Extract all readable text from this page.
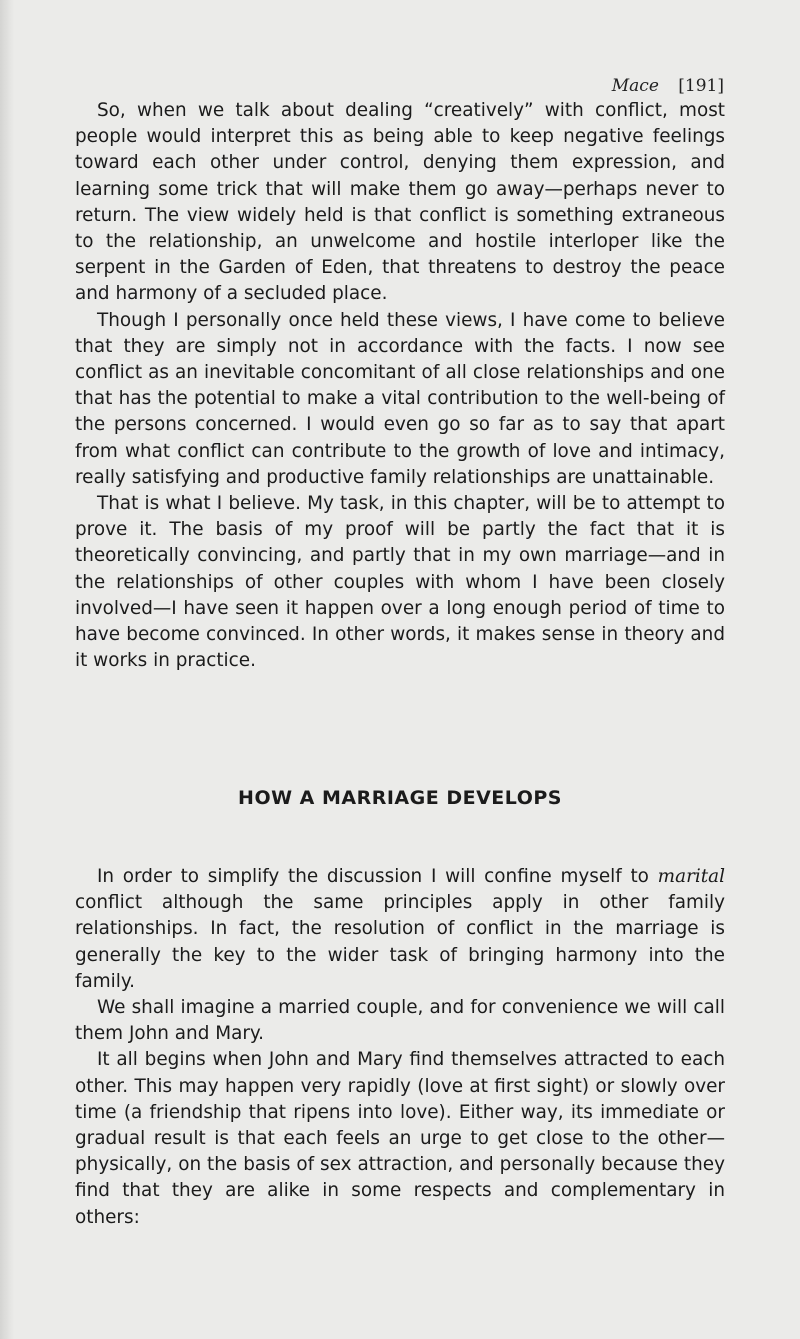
Mace [191]

So, when we talk about dealing “creatively” with conflict, most people would interpret this as being able to keep negative feelings toward each other under control, denying them expression, and learning some trick that will make them go away—perhaps never to return. The view widely held is that conflict is something extraneous to the relationship, an unwelcome and hostile interloper like the serpent in the Garden of Eden, that threatens to destroy the peace and harmony of a secluded place.

Though I personally once held these views, I have come to believe that they are simply not in accordance with the facts. I now see conflict as an inevitable concomitant of all close relationships and one that has the potential to make a vital contribution to the well-being of the persons concerned. I would even go so far as to say that apart from what conflict can contribute to the growth of love and intimacy, really satisfying and productive family relationships are unattainable.

That is what I believe. My task, in this chapter, will be to attempt to prove it. The basis of my proof will be partly the fact that it is theoretically convincing, and partly that in my own marriage—and in the relationships of other couples with whom I have been closely involved—I have seen it happen over a long enough period of time to have become convinced. In other words, it makes sense in theory and it works in practice.

HOW A MARRIAGE DEVELOPS

In order to simplify the discussion I will confine myself to marital conflict although the same principles apply in other family relationships. In fact, the resolution of conflict in the marriage is generally the key to the wider task of bringing harmony into the family.

We shall imagine a married couple, and for convenience we will call them John and Mary.

It all begins when John and Mary find themselves attracted to each other. This may happen very rapidly (love at first sight) or slowly over time (a friendship that ripens into love). Either way, its immediate or gradual result is that each feels an urge to get close to the other—physically, on the basis of sex attraction, and personally because they find that they are alike in some respects and complementary in others:
